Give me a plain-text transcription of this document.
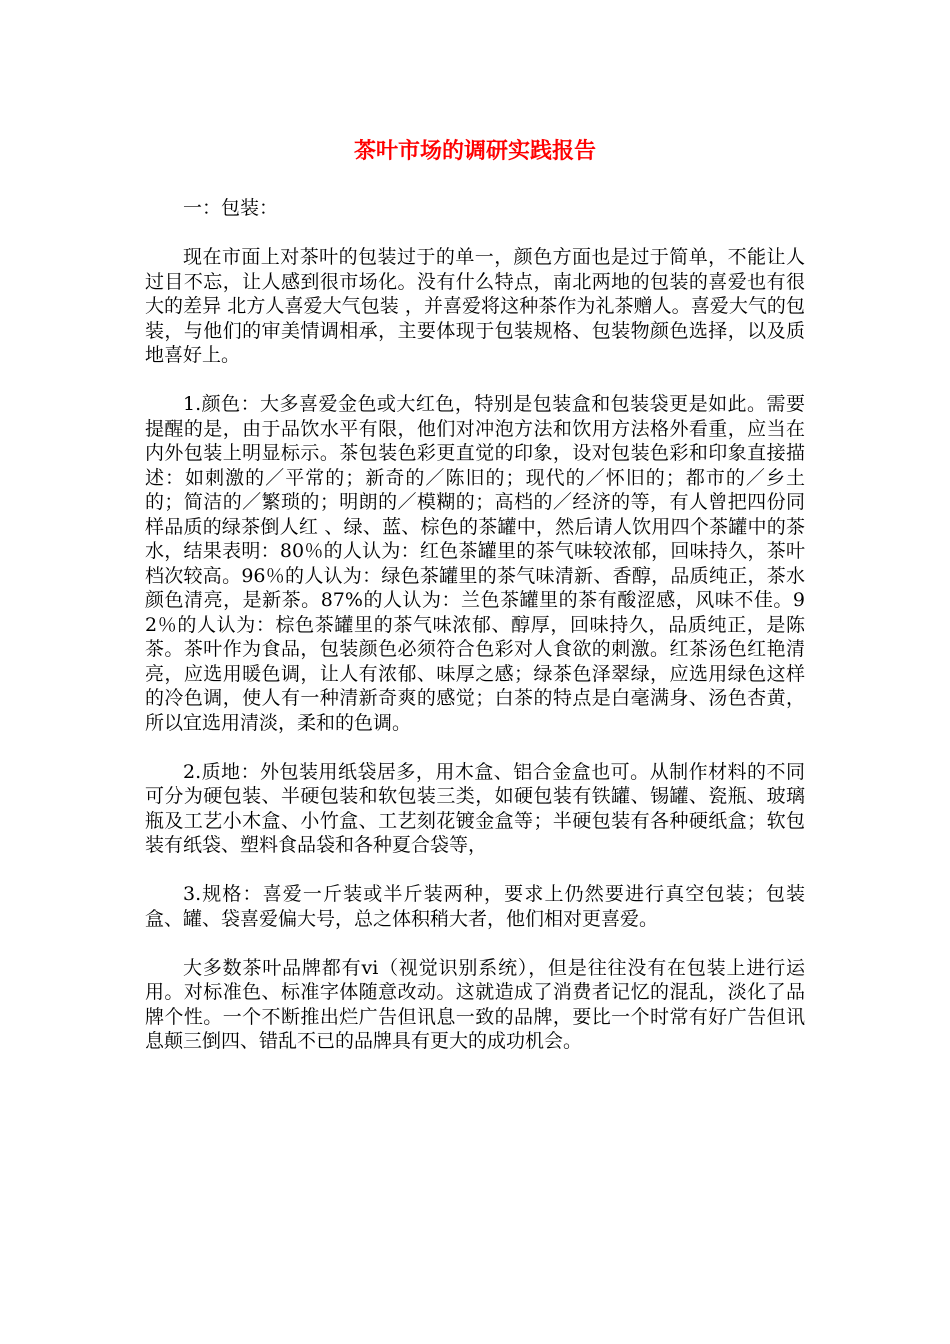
茶叶市场的调研实践报告

一：包装：

现在市面上对茶叶的包装过于的单一，颜色方面也是过于简单，不能让人过目不忘，让人感到很市场化。没有什么特点，南北两地的包装的喜爱也有很大的差异 北方人喜爱大气包装 ，并喜爱将这种茶作为礼茶赠人。喜爱大气的包装，与他们的审美情调相承，主要体现于包装规格、包装物颜色选择，以及质地喜好上。

1.颜色：大多喜爱金色或大红色，特别是包装盒和包装袋更是如此。需要提醒的是，由于品饮水平有限，他们对冲泡方法和饮用方法格外看重，应当在内外包装上明显标示。茶包装色彩更直觉的印象，设对包装色彩和印象直接描述：如刺激的／平常的；新奇的／陈旧的；现代的／怀旧的；都市的／乡土的；简洁的／繁琐的；明朗的／模糊的；高档的／经济的等，有人曾把四份同样品质的绿茶倒人红 、绿、蓝、棕色的茶罐中，然后请人饮用四个茶罐中的茶水，结果表明：80％的人认为：红色茶罐里的茶气味较浓郁，回味持久，茶叶档次较高。96％的人认为：绿色茶罐里的茶气味清新、香醇，品质纯正，茶水颜色清亮，是新茶。87%的人认为：兰色茶罐里的茶有酸涩感，风味不佳。92％的人认为：棕色茶罐里的茶气味浓郁、醇厚，回味持久，品质纯正，是陈茶。茶叶作为食品，包装颜色必须符合色彩对人食欲的刺激。红茶汤色红艳清亮，应选用暖色调，让人有浓郁、味厚之感；绿茶色泽翠绿，应选用绿色这样的冷色调，使人有一种清新奇爽的感觉；白茶的特点是白毫满身、汤色杏黄，所以宜选用清淡，柔和的色调。

2.质地：外包装用纸袋居多，用木盒、铝合金盒也可。从制作材料的不同可分为硬包装、半硬包装和软包装三类，如硬包装有铁罐、锡罐、瓷瓶、玻璃瓶及工艺小木盒、小竹盒、工艺刻花镀金盒等；半硬包装有各种硬纸盒；软包装有纸袋、塑料食品袋和各种夏合袋等，

3.规格：喜爱一斤装或半斤装两种，要求上仍然要进行真空包装；包装盒、罐、袋喜爱偏大号，总之体积稍大者，他们相对更喜爱。

大多数茶叶品牌都有vi（视觉识别系统），但是往往没有在包装上进行运用。对标准色、标准字体随意改动。这就造成了消费者记忆的混乱，淡化了品牌个性。一个不断推出烂广告但讯息一致的品牌，要比一个时常有好广告但讯息颠三倒四、错乱不已的品牌具有更大的成功机会。
